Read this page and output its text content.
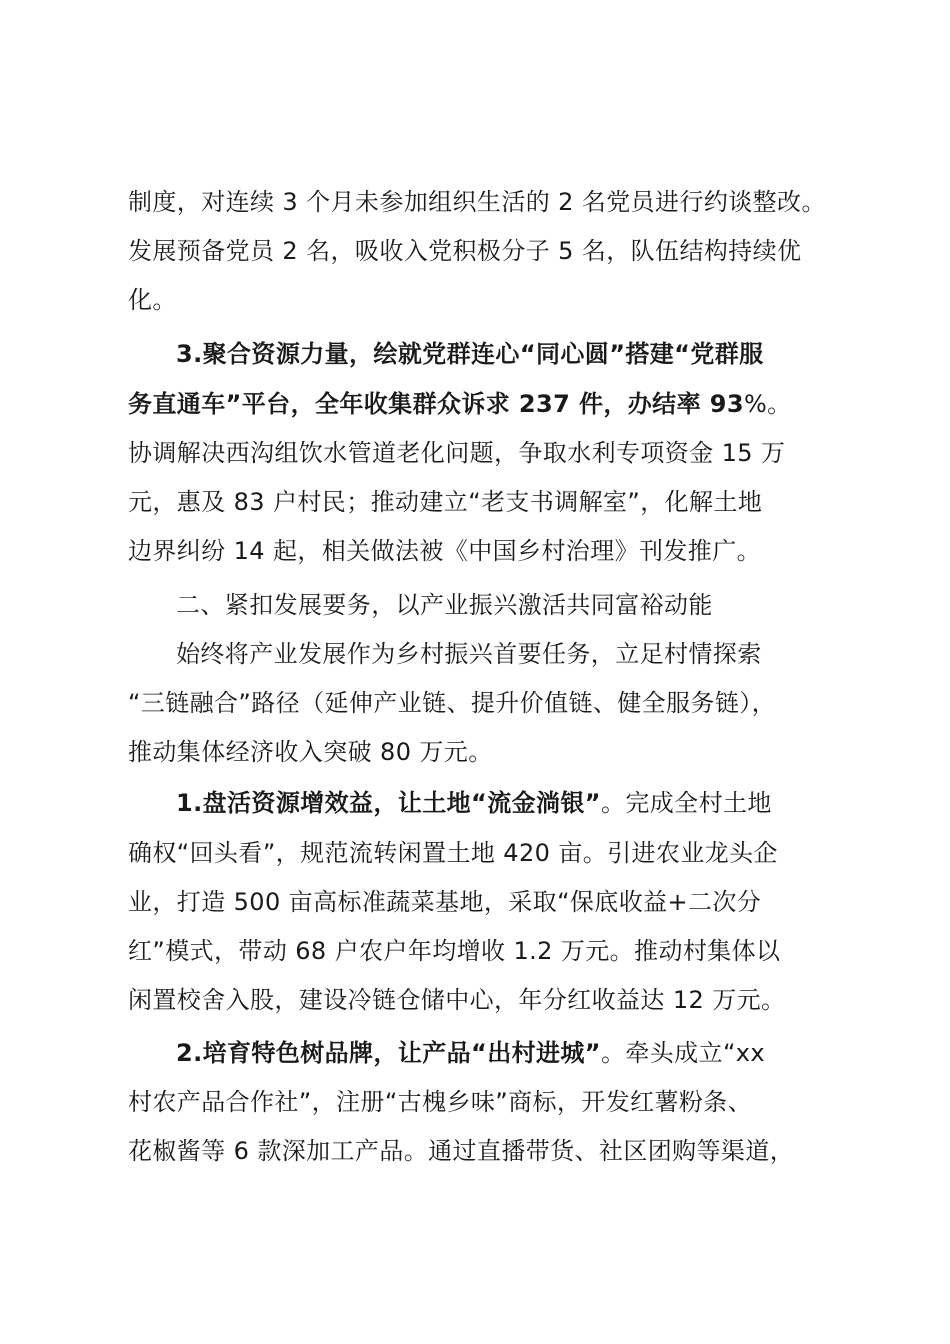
制度，对连续 3 个月未参加组织生活的 2 名党员进行约谈整改。
发展预备党员 2 名，吸收入党积极分子 5 名，队伍结构持续优
化。
3.聚合资源力量，绘就党群连心“同心圆”搭建“党群服
务直通车”平台，全年收集群众诉求 237 件，办结率 93%。
协调解决西沟组饮水管道老化问题，争取水利专项资金 15 万
元，惠及 83 户村民；推动建立“老支书调解室”，化解土地
边界纠纷 14 起，相关做法被《中国乡村治理》刊发推广。
二、紧扣发展要务，以产业振兴激活共同富裕动能
始终将产业发展作为乡村振兴首要任务，立足村情探索
“三链融合”路径（延伸产业链、提升价值链、健全服务链），
推动集体经济收入突破 80 万元。
1.盘活资源增效益，让土地“流金淌银”。完成全村土地
确权“回头看”，规范流转闲置土地 420 亩。引进农业龙头企
业，打造 500 亩高标准蔬菜基地，采取“保底收益+二次分
红”模式，带动 68 户农户年均增收 1.2 万元。推动村集体以
闲置校舍入股，建设冷链仓储中心，年分红收益达 12 万元。
2.培育特色树品牌，让产品“出村进城”。牵头成立“xx
村农产品合作社”，注册“古槐乡味”商标，开发红薯粉条、
花椒酱等 6 款深加工产品。通过直播带货、社区团购等渠道，
